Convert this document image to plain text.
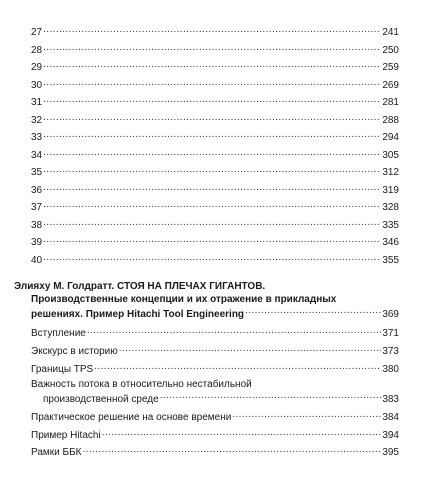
27 .....	241
28 .....	250
29 .....	259
30 .....	269
31 .....	281
32 .....	288
33 .....	294
34 .....	305
35 .....	312
36 .....	319
37 .....	328
38 .....	335
39 .....	346
40 .....	355
Элияху М. Голдратт. СТОЯ НА ПЛЕЧАХ ГИГАНТОВ.
Производственные концепции и их отражение в прикладных
решениях. Пример Hitachi Tool Engineering .....	369
Вступление .....	371
Экскурс в историю .....	373
Границы TPS .....	380
Важность потока в относительно нестабильной
производственной среде .....	383
Практическое решение на основе времени .....	384
Пример Hitachi .....	394
Рамки ББК .....	395
